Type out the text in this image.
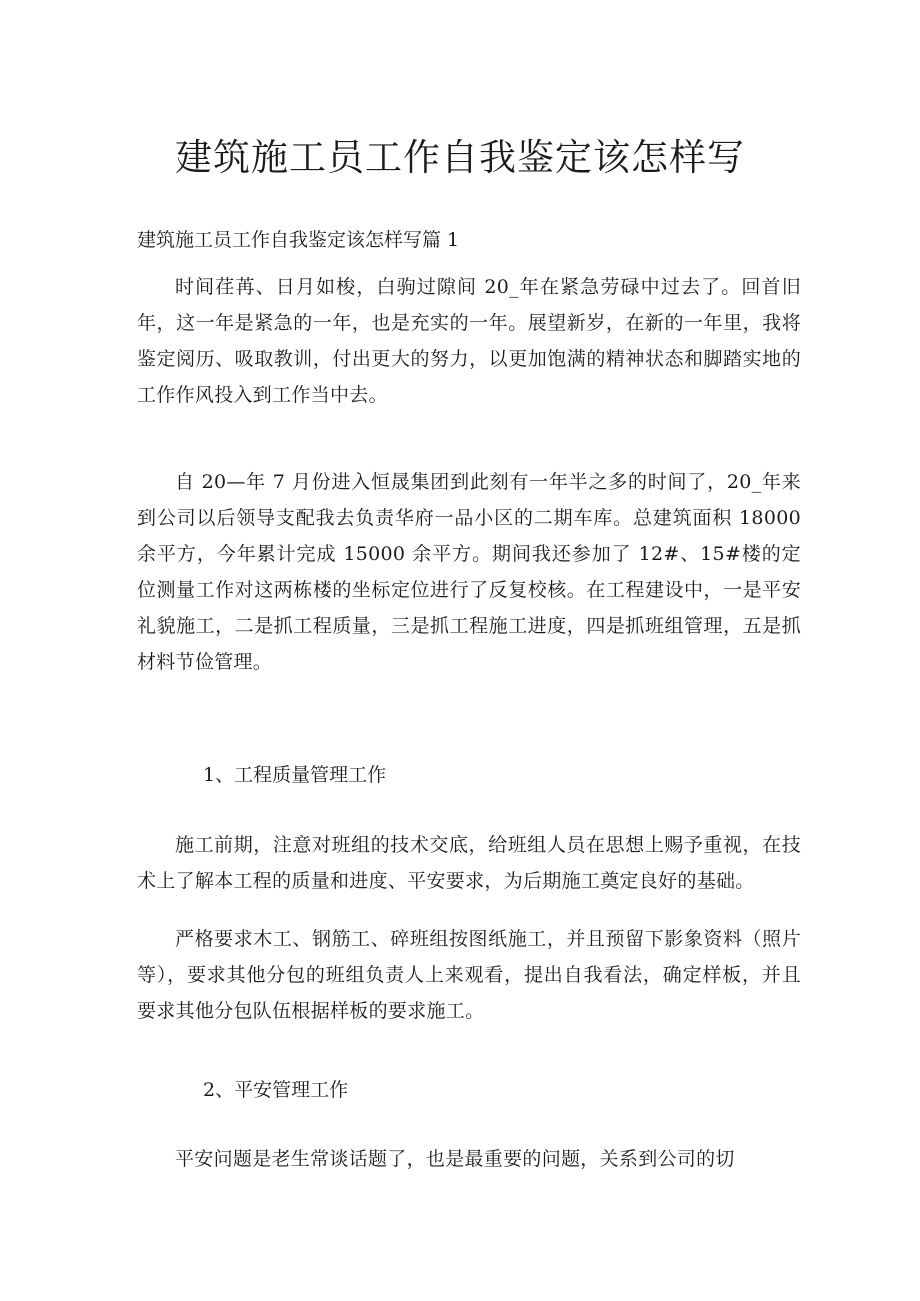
建筑施工员工作自我鉴定该怎样写

建筑施工员工作自我鉴定该怎样写篇 1

时间荏苒、日月如梭，白驹过隙间 20_年在紧急劳碌中过去了。回首旧年，这一年是紧急的一年，也是充实的一年。展望新岁，在新的一年里，我将鉴定阅历、吸取教训，付出更大的努力，以更加饱满的精神状态和脚踏实地的工作作风投入到工作当中去。

自 20—年 7 月份进入恒晟集团到此刻有一年半之多的时间了，20_年来到公司以后领导支配我去负责华府一品小区的二期车库。总建筑面积 18000 余平方，今年累计完成 15000 余平方。期间我还参加了 12#、15#楼的定位测量工作对这两栋楼的坐标定位进行了反复校核。在工程建设中，一是平安礼貌施工，二是抓工程质量，三是抓工程施工进度，四是抓班组管理，五是抓材料节俭管理。

1、工程质量管理工作

施工前期，注意对班组的技术交底，给班组人员在思想上赐予重视，在技术上了解本工程的质量和进度、平安要求，为后期施工奠定良好的基础。

严格要求木工、钢筋工、碎班组按图纸施工，并且预留下影象资料（照片等），要求其他分包的班组负责人上来观看，提出自我看法，确定样板，并且要求其他分包队伍根据样板的要求施工。

2、平安管理工作

平安问题是老生常谈话题了，也是最重要的问题，关系到公司的切
